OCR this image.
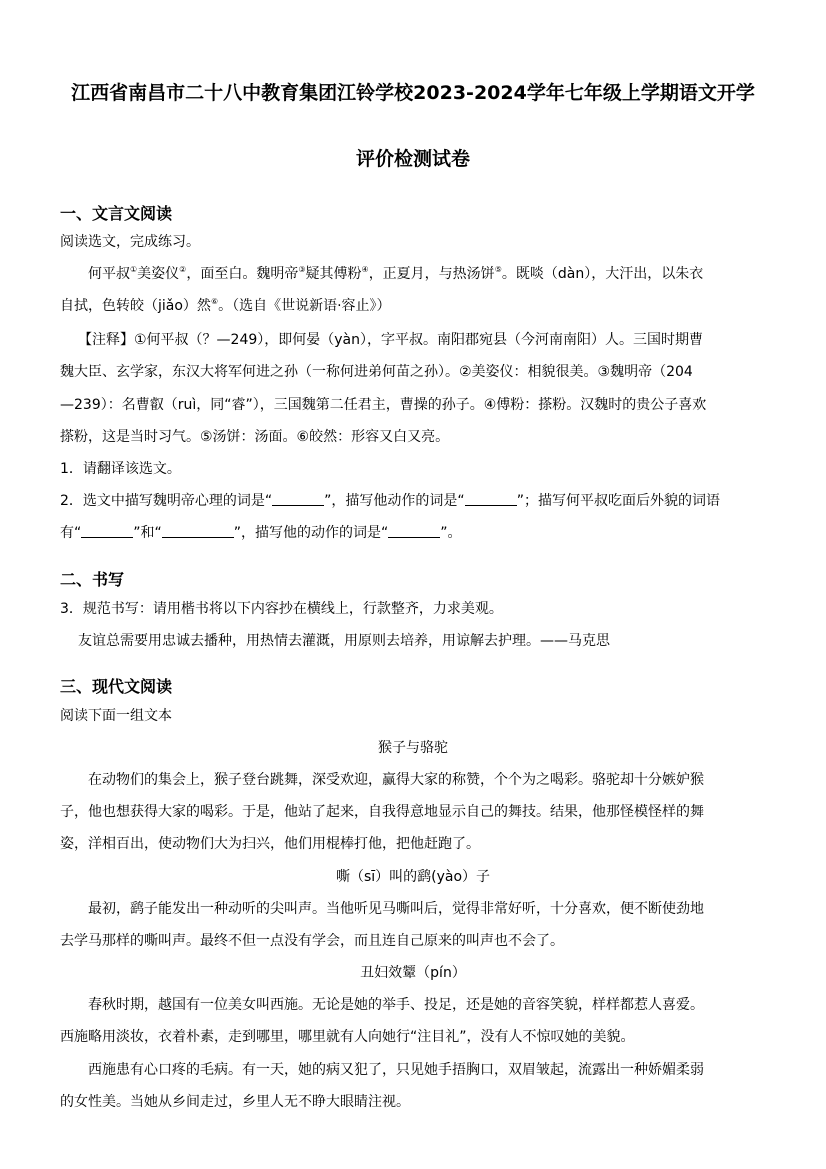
江西省南昌市二十八中教育集团江铃学校2023-2024学年七年级上学期语文开学
评价检测试卷
一、文言文阅读
阅读选文，完成练习。
何平叔①美姿仪②，面至白。魏明帝③疑其傅粉④，正夏月，与热汤饼⑤。既啖（dàn），大汗出，以朱衣
自拭，色转皎（jiǎo）然⑥。（选自《世说新语·容止》）
【注释】①何平叔（？—249），即何晏（yàn），字平叔。南阳郡宛县（今河南南阳）人。三国时期曹
魏大臣、玄学家，东汉大将军何进之孙（一称何进弟何苗之孙）。②美姿仪：相貌很美。③魏明帝（204
—239）：名曹叡（ruì，同“睿”），三国魏第二任君主，曹操的孙子。④傅粉：搽粉。汉魏时的贵公子喜欢
搽粉，这是当时习气。⑤汤饼：汤面。⑥皎然：形容又白又亮。
1．请翻译该选文。
2．选文中描写魏明帝心理的词是“	”，描写他动作的词是“	”；描写何平叔吃面后外貌的词语
有“	”和“	”，描写他的动作的词是“	”。
二、书写
3．规范书写：请用楷书将以下内容抄在横线上，行款整齐，力求美观。
友谊总需要用忠诚去播种，用热情去灌溉，用原则去培养，用谅解去护理。——马克思
三、现代文阅读
阅读下面一组文本
猴子与骆驼
在动物们的集会上，猴子登台跳舞，深受欢迎，赢得大家的称赞，个个为之喝彩。骆驼却十分嫉妒猴
子，他也想获得大家的喝彩。于是，他站了起来，自我得意地显示自己的舞技。结果，他那怪模怪样的舞
姿，洋相百出，使动物们大为扫兴，他们用棍棒打他，把他赶跑了。
嘶（sī）叫的鹞(yào）子
最初，鹞子能发出一种动听的尖叫声。当他听见马嘶叫后，觉得非常好听，十分喜欢，便不断使劲地
去学马那样的嘶叫声。最终不但一点没有学会，而且连自己原来的叫声也不会了。
丑妇效颦（pín）
春秋时期，越国有一位美女叫西施。无论是她的举手、投足，还是她的音容笑貌，样样都惹人喜爱。
西施略用淡妆，衣着朴素，走到哪里，哪里就有人向她行“注目礼”，没有人不惊叹她的美貌。
西施患有心口疼的毛病。有一天，她的病又犯了，只见她手捂胸口，双眉皱起，流露出一种娇媚柔弱
的女性美。当她从乡间走过，乡里人无不睁大眼睛注视。
